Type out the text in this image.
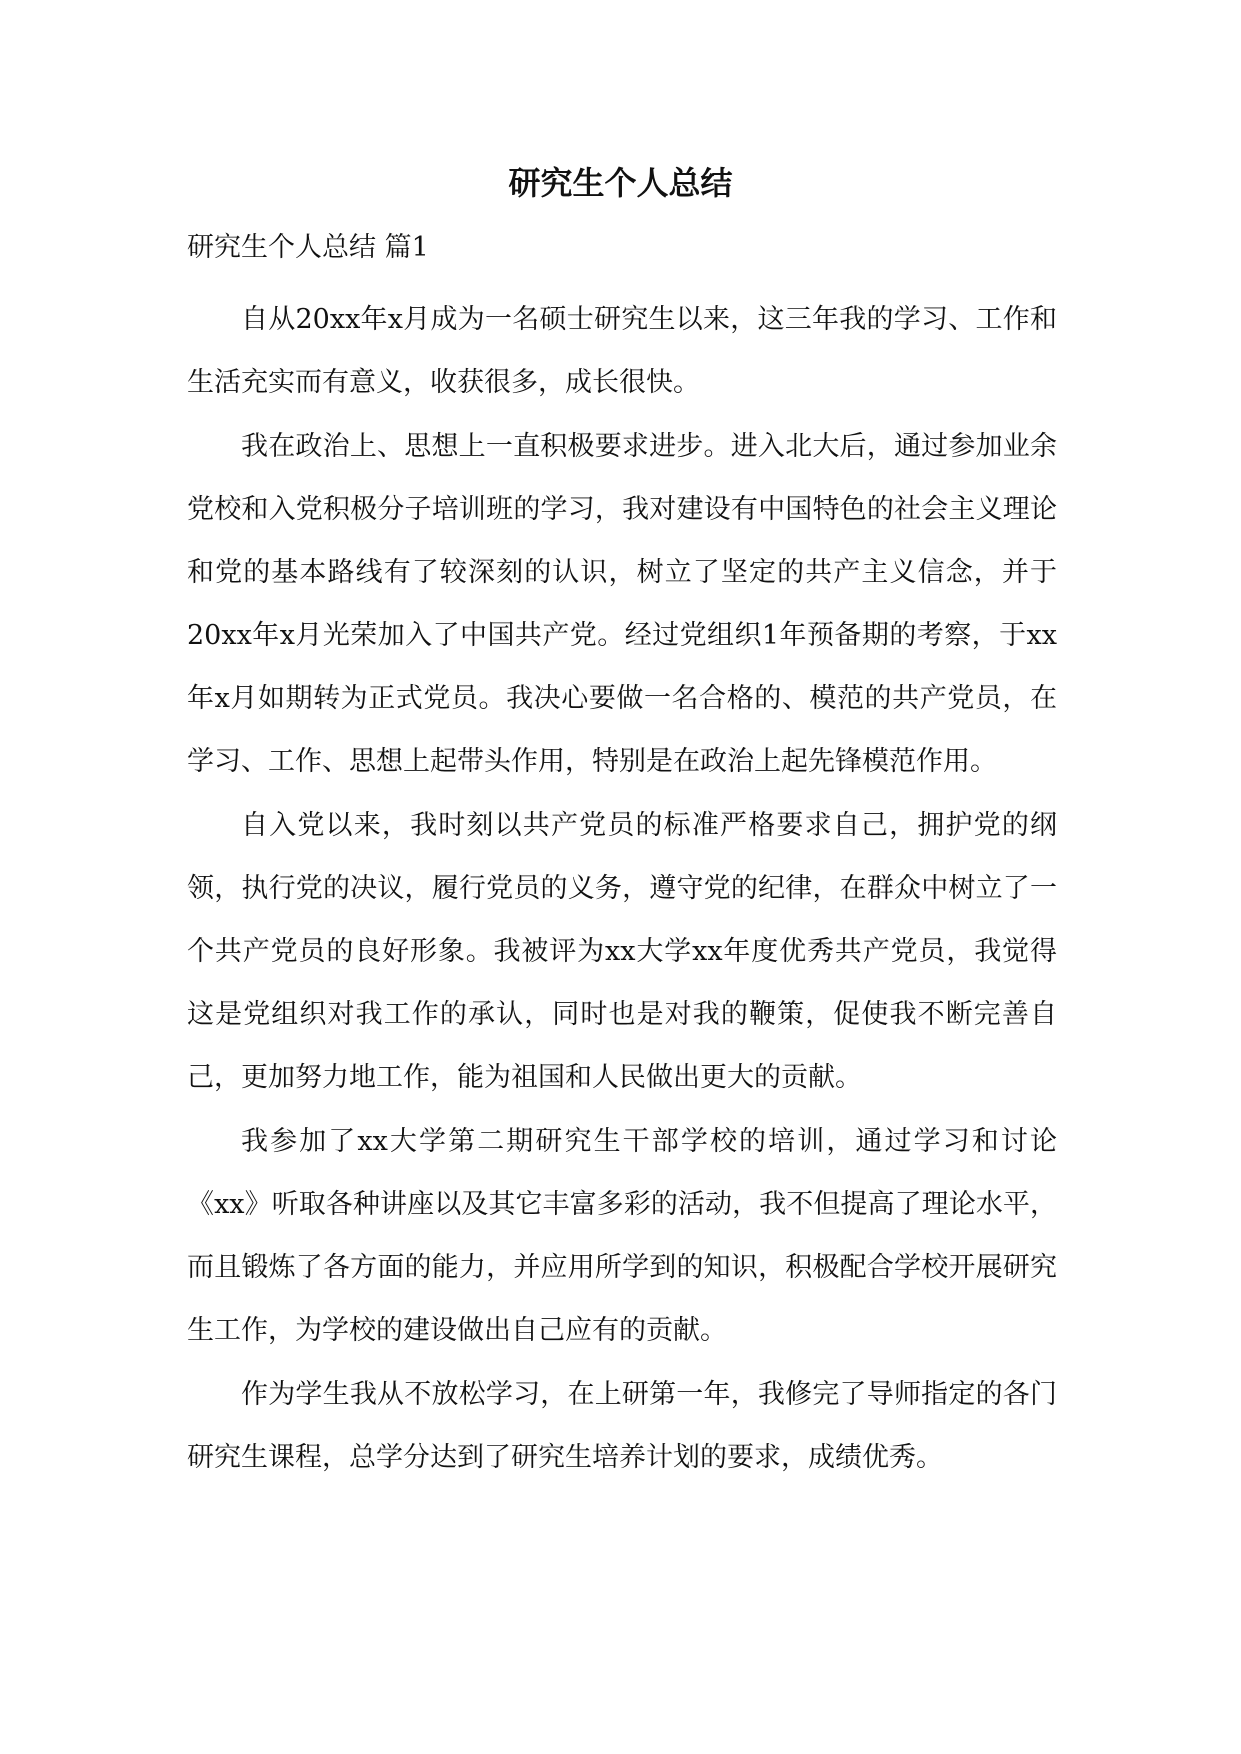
研究生个人总结
研究生个人总结 篇1

自从20xx年x月成为一名硕士研究生以来，这三年我的学习、工作和生活充实而有意义，收获很多，成长很快。

我在政治上、思想上一直积极要求进步。进入北大后，通过参加业余党校和入党积极分子培训班的学习，我对建设有中国特色的社会主义理论和党的基本路线有了较深刻的认识，树立了坚定的共产主义信念，并于20xx年x月光荣加入了中国共产党。经过党组织1年预备期的考察，于xx年x月如期转为正式党员。我决心要做一名合格的、模范的共产党员，在学习、工作、思想上起带头作用，特别是在政治上起先锋模范作用。

自入党以来，我时刻以共产党员的标准严格要求自己，拥护党的纲领，执行党的决议，履行党员的义务，遵守党的纪律，在群众中树立了一个共产党员的良好形象。我被评为xx大学xx年度优秀共产党员，我觉得这是党组织对我工作的承认，同时也是对我的鞭策，促使我不断完善自己，更加努力地工作，能为祖国和人民做出更大的贡献。

我参加了xx大学第二期研究生干部学校的培训，通过学习和讨论《xx》听取各种讲座以及其它丰富多彩的活动，我不但提高了理论水平，而且锻炼了各方面的能力，并应用所学到的知识，积极配合学校开展研究生工作，为学校的建设做出自己应有的贡献。

作为学生我从不放松学习，在上研第一年，我修完了导师指定的各门研究生课程，总学分达到了研究生培养计划的要求，成绩优秀。
